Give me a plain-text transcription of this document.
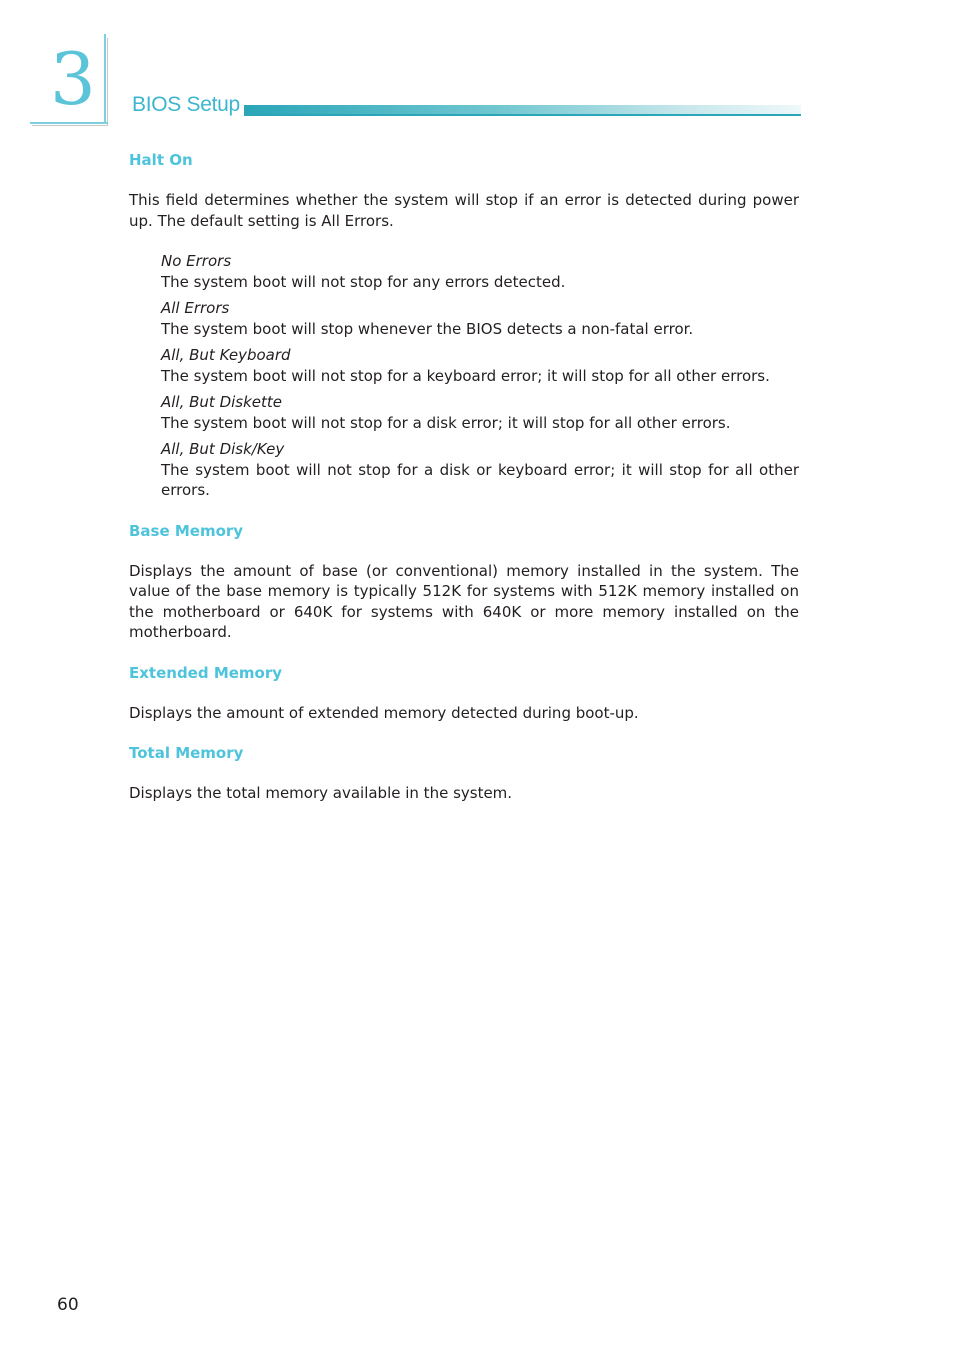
3 BIOS Setup
Halt On

This field determines whether the system will stop if an error is detected during power up. The default setting is All Errors.

No Errors
The system boot will not stop for any errors detected.
All Errors
The system boot will stop whenever the BIOS detects a non-fatal error.
All, But Keyboard
The system boot will not stop for a keyboard error; it will stop for all other errors.
All, But Diskette
The system boot will not stop for a disk error; it will stop for all other errors.
All, But Disk/Key
The system boot will not stop for a disk or keyboard error; it will stop for all other errors.
Base Memory

Displays the amount of base (or conventional) memory installed in the system. The value of the base memory is typically 512K for systems with 512K memory installed on the motherboard or 640K for systems with 640K or more memory installed on the motherboard.

Extended Memory

Displays the amount of extended memory detected during boot-up.

Total Memory

Displays the total memory available in the system.

60
